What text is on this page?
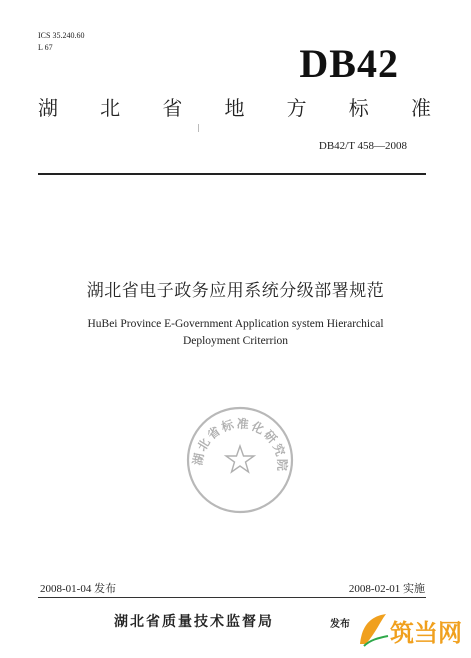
ICS 35.240.60
L 67	DB42
湖 北 省 地 方 标 准
DB42/T 458—2008
湖北省电子政务应用系统分级部署规范
HuBei Province E-Government Application system Hierarchical
Deployment Criterrion
湖北省标准化研究院
2008-01-04 发布	2008-02-01 实施
湖北省质量技术监督局	发布 筑当网
